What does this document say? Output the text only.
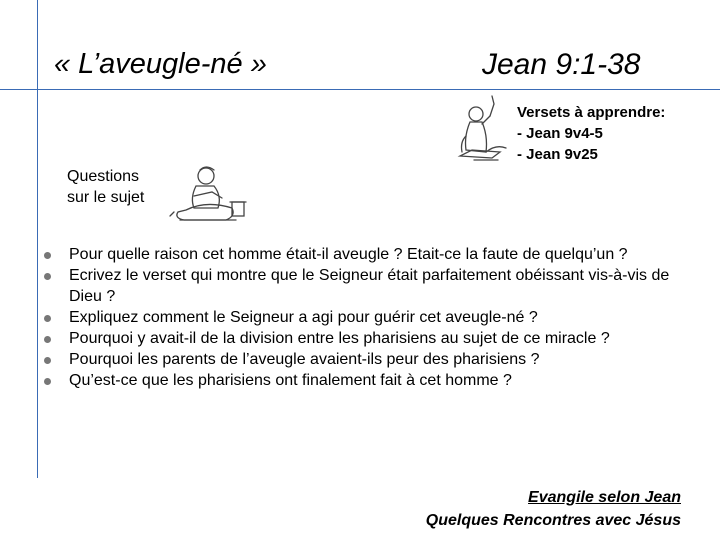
« L’aveugle-né »	Jean 9:1-38
Versets à apprendre:
- Jean 9v4-5
- Jean 9v25
Questions
sur le sujet
Pour quelle raison cet homme était-il aveugle ? Etait-ce la faute de quelqu’un ?
Ecrivez le verset qui montre que le Seigneur était parfaitement obéissant vis-à-vis de Dieu ?
Expliquez comment le Seigneur a agi pour guérir cet aveugle-né ?
Pourquoi y avait-il de la division entre les pharisiens au sujet de ce miracle ?
Pourquoi les parents de l’aveugle avaient-ils peur des pharisiens ?
Qu’est-ce que les pharisiens ont finalement fait à cet homme ?
Evangile selon Jean
Quelques Rencontres avec Jésus
